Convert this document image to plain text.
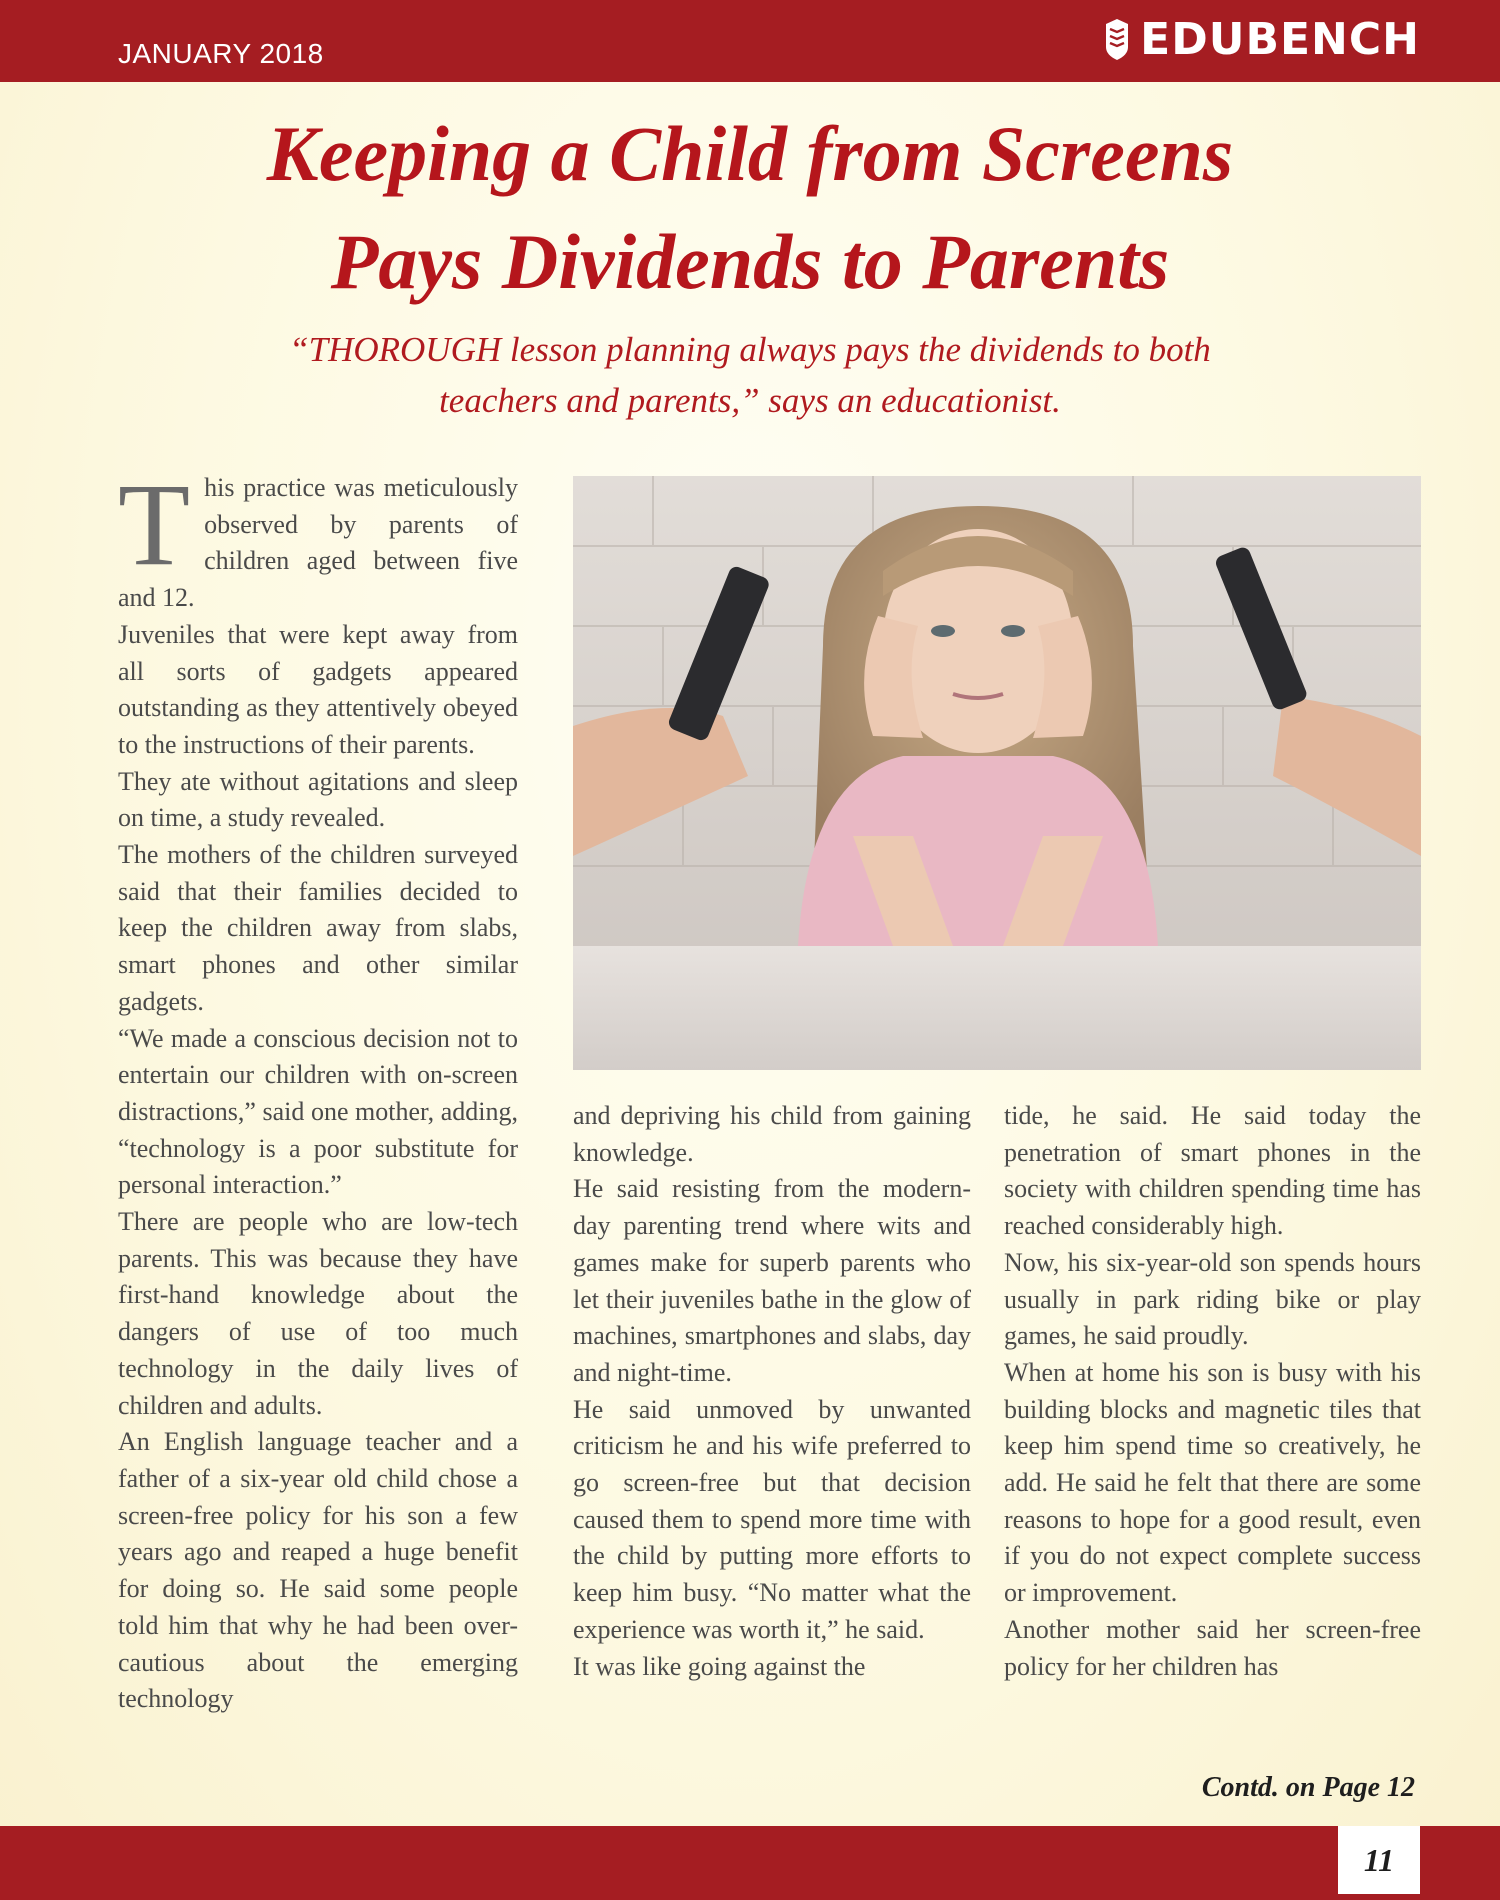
JANUARY 2018	EDUBENCH
Keeping a Child from Screens
Pays Dividends to Parents
“THOROUGH lesson planning always pays the dividends to both
teachers and parents,” says an educationist.

This practice was meticulously observed by parents of children aged between five and 12.

Juveniles that were kept away from all sorts of gadgets appeared outstanding as they attentively obeyed to the instructions of their parents.

They ate without agitations and sleep on time, a study revealed.

The mothers of the children surveyed said that their families decided to keep the children away from slabs, smart phones and other similar gadgets.

“We made a conscious decision not to entertain our children with on-screen distractions,” said one mother, adding, “technology is a poor substitute for personal interaction.”

There are people who are low-tech parents. This was because they have first-hand knowledge about the dangers of use of too much technology in the daily lives of children and adults.

An English language teacher and a father of a six-year old child chose a screen-free policy for his son a few years ago and reaped a huge benefit for doing so. He said some people told him that why he had been over-cautious about the emerging technology

and depriving his child from gaining knowledge.

He said resisting from the modern-day parenting trend where wits and games make for superb parents who let their juveniles bathe in the glow of machines, smartphones and slabs, day and night-time.

He said unmoved by unwanted criticism he and his wife preferred to go screen-free but that decision caused them to spend more time with the child by putting more efforts to keep him busy. “No matter what the experience was worth it,” he said.

It was like going against the

tide, he said. He said today the penetration of smart phones in the society with children spending time has reached considerably high.

Now, his six-year-old son spends hours usually in park riding bike or play games, he said proudly.

When at home his son is busy with his building blocks and magnetic tiles that keep him spend time so creatively, he add. He said he felt that there are some reasons to hope for a good result, even if you do not expect complete success or improvement.

Another mother said her screen-free policy for her children has

Contd. on Page 12
11
